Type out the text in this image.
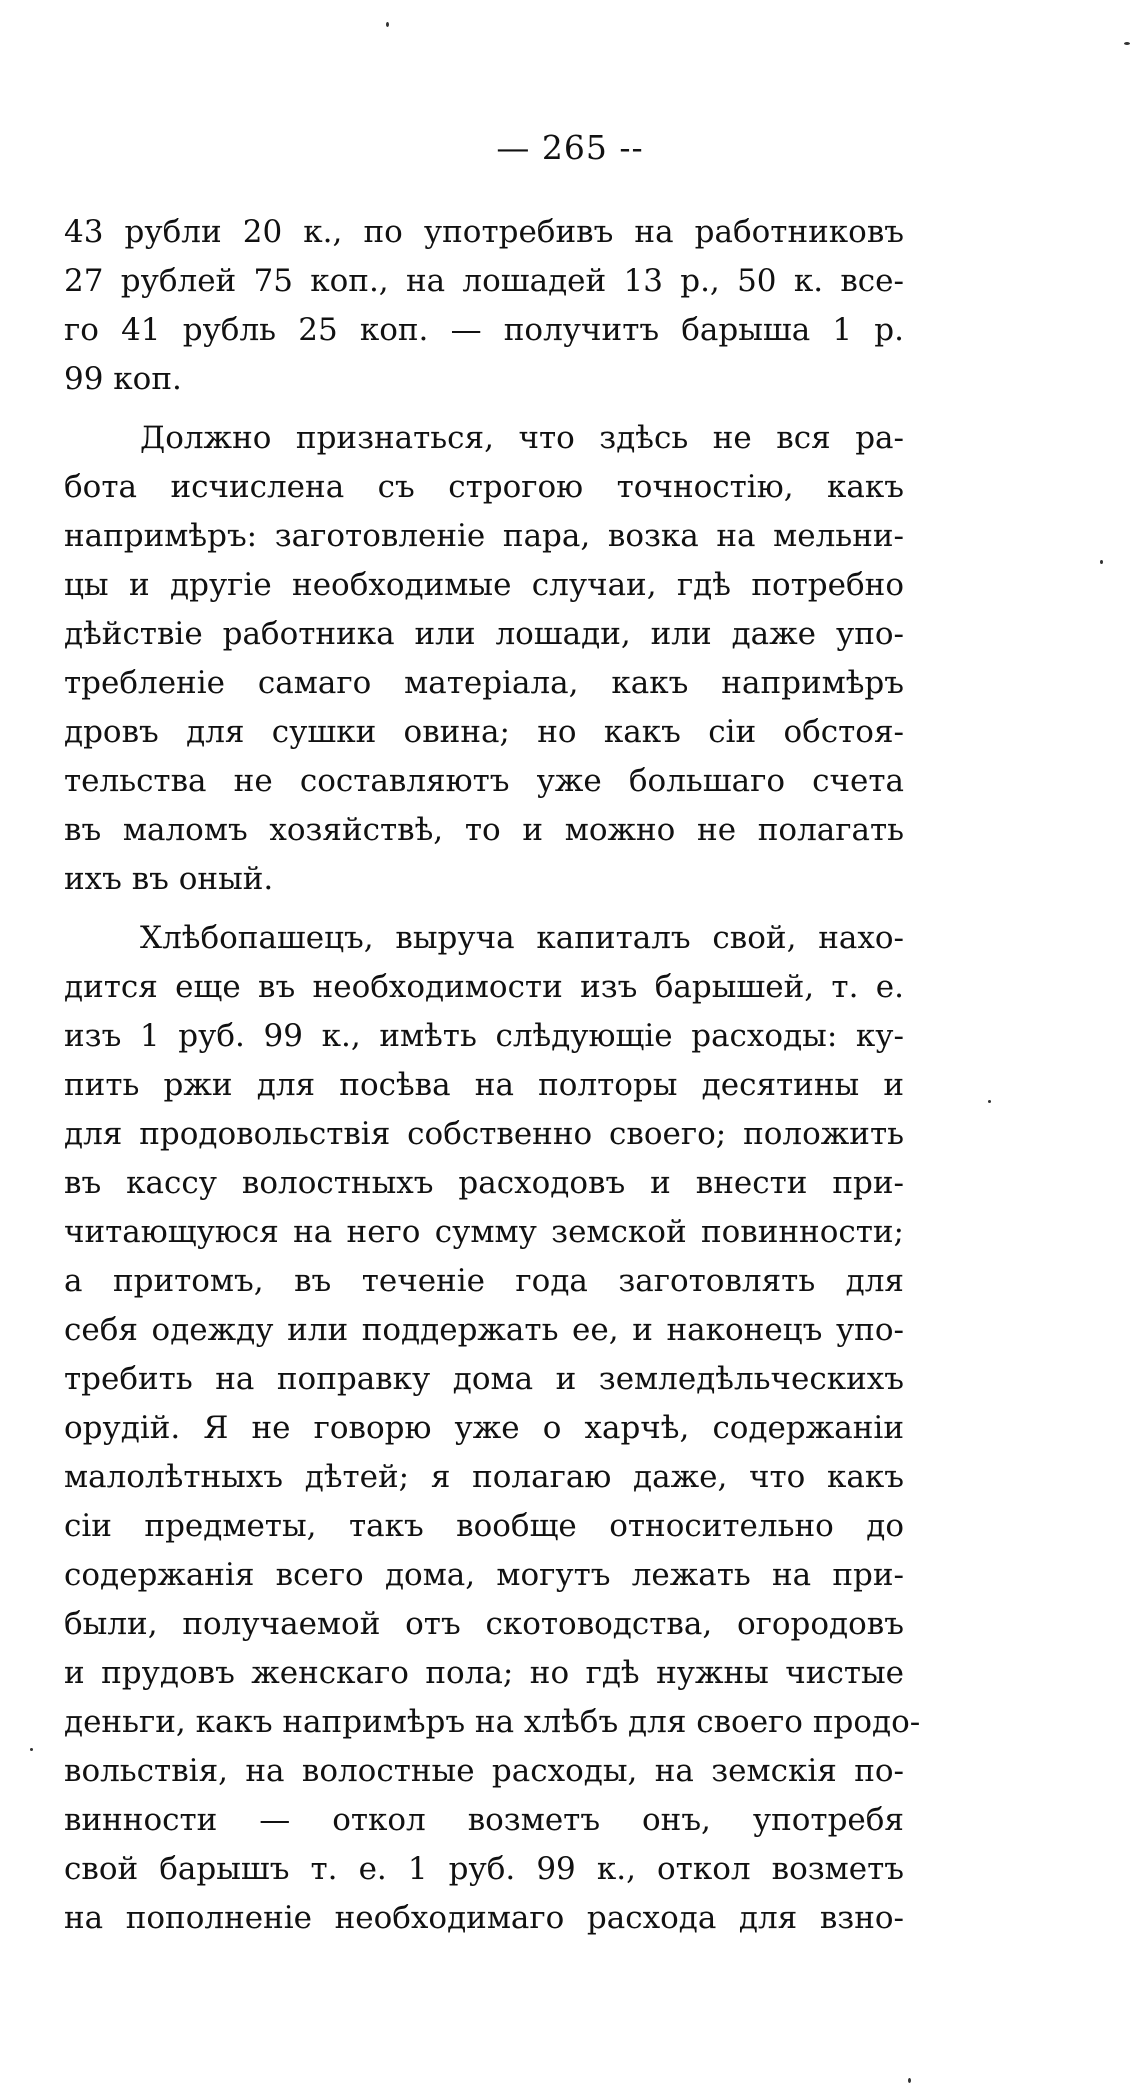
— 265 --
43 рубли 20 к., по употребивъ на работниковъ
27 рублей 75 коп., на лошадей 13 р., 50 к. все-
го 41 рубль 25 коп. — получитъ барыша 1 р.
99 коп.
Должно признаться, что здѣсь не вся ра-
бота исчислена съ строгою точностію, какъ
напримѣръ: заготовленіе пара, возка на мельни-
цы и другіе необходимые случаи, гдѣ потребно
дѣйствіе работника или лошади, или даже упо-
требленіе самаго матеріала, какъ напримѣръ
дровъ для сушки овина; но какъ сіи обстоя-
тельства не составляютъ уже большаго счета
въ маломъ хозяйствѣ, то и можно не полагать
ихъ въ оный.
Хлѣбопашецъ, выруча капиталъ свой, нахо-
дится еще въ необходимости изъ барышей, т. е.
изъ 1 руб. 99 к., имѣть слѣдующіе расходы: ку-
пить ржи для посѣва на полторы десятины и
для продовольствія собственно своего; положить
въ кассу волостныхъ расходовъ и внести при-
читающуюся на него сумму земской повинности;
а притомъ, въ теченіе года заготовлять для
себя одежду или поддержать ее, и наконецъ упо-
требить на поправку дома и земледѣльческихъ
орудій. Я не говорю уже о харчѣ, содержаніи
малолѣтныхъ дѣтей; я полагаю даже, что какъ
сіи предметы, такъ вообще относительно до
содержанія всего дома, могутъ лежать на при-
были, получаемой отъ скотоводства, огородовъ
и прудовъ женскаго пола; но гдѣ нужны чистые
деньги, какъ напримѣръ на хлѣбъ для своего продо-
вольствія, на волостные расходы, на земскія по-
винности — откол возметъ онъ, употребя
свой барышъ т. е. 1 руб. 99 к., откол возметъ
на пополненіе необходимаго расхода для взно-
